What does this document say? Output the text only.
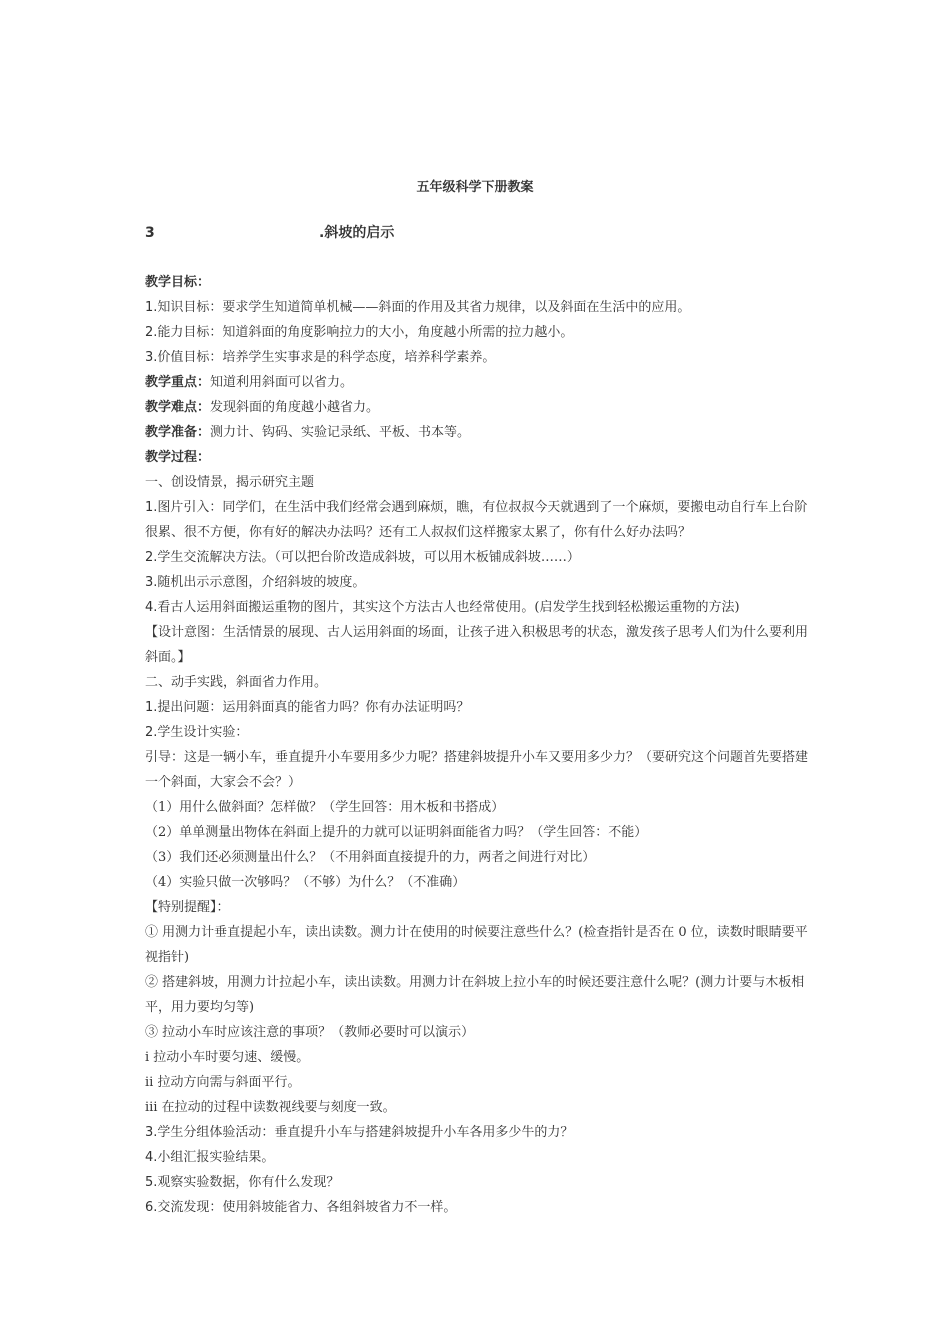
五年级科学下册教案
3	.斜坡的启示
教学目标：
1.知识目标：要求学生知道简单机械——斜面的作用及其省力规律，以及斜面在生活中的应用。
2.能力目标：知道斜面的角度影响拉力的大小，角度越小所需的拉力越小。
3.价值目标：培养学生实事求是的科学态度，培养科学素养。
教学重点：知道利用斜面可以省力。
教学难点：发现斜面的角度越小越省力。
教学准备：测力计、钩码、实验记录纸、平板、书本等。
教学过程：
一、创设情景，揭示研究主题
1.图片引入：同学们，在生活中我们经常会遇到麻烦，瞧，有位叔叔今天就遇到了一个麻烦，要搬电动自行车上台阶很累、很不方便，你有好的解决办法吗？还有工人叔叔们这样搬家太累了，你有什么好办法吗？
2.学生交流解决方法。（可以把台阶改造成斜坡，可以用木板铺成斜坡……）
3.随机出示示意图，介绍斜坡的坡度。
4.看古人运用斜面搬运重物的图片，其实这个方法古人也经常使用。(启发学生找到轻松搬运重物的方法)
【设计意图：生活情景的展现、古人运用斜面的场面，让孩子进入积极思考的状态，激发孩子思考人们为什么要利用斜面。】
二、动手实践，斜面省力作用。
1.提出问题：运用斜面真的能省力吗？你有办法证明吗？
2.学生设计实验：
引导：这是一辆小车，垂直提升小车要用多少力呢？搭建斜坡提升小车又要用多少力？（要研究这个问题首先要搭建一个斜面，大家会不会？）
（1）用什么做斜面？怎样做？（学生回答：用木板和书搭成）
（2）单单测量出物体在斜面上提升的力就可以证明斜面能省力吗？（学生回答：不能）
（3）我们还必须测量出什么？（不用斜面直接提升的力，两者之间进行对比）
（4）实验只做一次够吗？（不够）为什么？（不准确）
【特别提醒】：
① 用测力计垂直提起小车，读出读数。测力计在使用的时候要注意些什么？(检查指针是否在 0 位，读数时眼睛要平视指针)
② 搭建斜坡，用测力计拉起小车，读出读数。用测力计在斜坡上拉小车的时候还要注意什么呢？(测力计要与木板相平，用力要均匀等)
③ 拉动小车时应该注意的事项？（教师必要时可以演示）
ⅰ 拉动小车时要匀速、缓慢。
ⅱ 拉动方向需与斜面平行。
ⅲ 在拉动的过程中读数视线要与刻度一致。
3.学生分组体验活动：垂直提升小车与搭建斜坡提升小车各用多少牛的力？
4.小组汇报实验结果。
5.观察实验数据，你有什么发现？
6.交流发现：使用斜坡能省力、各组斜坡省力不一样。
